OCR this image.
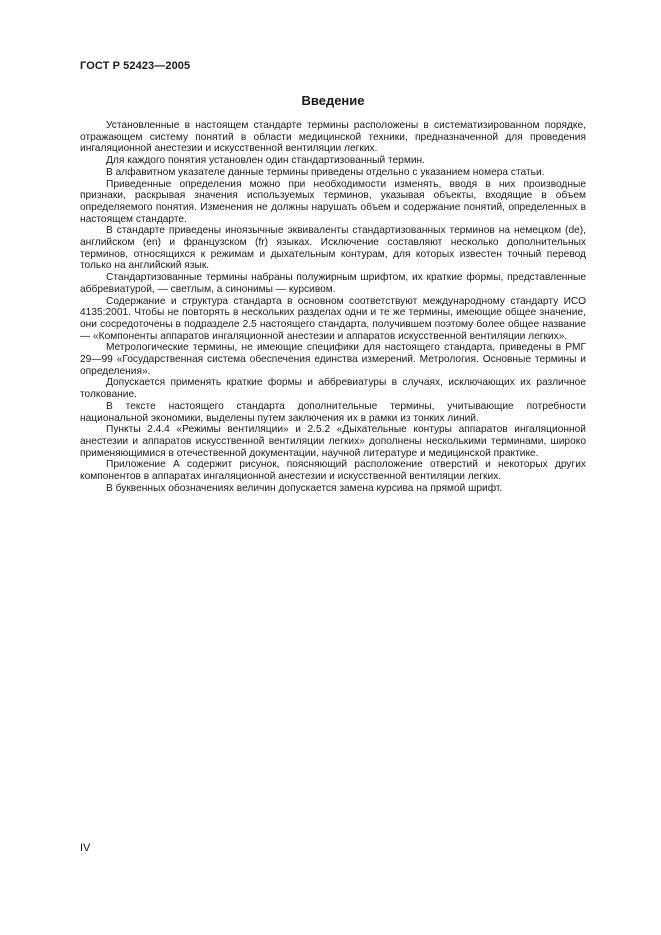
ГОСТ Р 52423—2005
Введение

Установленные в настоящем стандарте термины расположены в систематизированном порядке, отражающем систему понятий в области медицинской техники, предназначенной для проведения ингаляционной анестезии и искусственной вентиляции легких.

Для каждого понятия установлен один стандартизованный термин.

В алфавитном указателе данные термины приведены отдельно с указанием номера статьи.

Приведенные определения можно при необходимости изменять, вводя в них производные признаки, раскрывая значения используемых терминов, указывая объекты, входящие в объем определяемого понятия. Изменения не должны нарушать объем и содержание понятий, определенных в настоящем стандарте.

В стандарте приведены иноязычные эквиваленты стандартизованных терминов на немецком (de), английском (en) и французском (fr) языках. Исключение составляют несколько дополнительных терминов, относящихся к режимам и дыхательным контурам, для которых известен точный перевод только на английский язык.

Стандартизованные термины набраны полужирным шрифтом, их краткие формы, представленные аббревиатурой, — светлым, а синонимы — курсивом.

Содержание и структура стандарта в основном соответствуют международному стандарту ИСО 4135:2001. Чтобы не повторять в нескольких разделах одни и те же термины, имеющие общее значение, они сосредоточены в подразделе 2.5 настоящего стандарта, получившем поэтому более общее название — «Компоненты аппаратов ингаляционной анестезии и аппаратов искусственной вентиляции легких».

Метрологические термины, не имеющие специфики для настоящего стандарта, приведены в РМГ 29—99 «Государственная система обеспечения единства измерений. Метрология. Основные термины и определения».

Допускается применять краткие формы и аббревиатуры в случаях, исключающих их различное толкование.

В тексте настоящего стандарта дополнительные термины, учитывающие потребности национальной экономики, выделены путем заключения их в рамки из тонких линий.

Пункты 2.4.4 «Режимы вентиляции» и 2.5.2 «Дыхательные контуры аппаратов ингаляционной анестезии и аппаратов искусственной вентиляции легких» дополнены несколькими терминами, широко применяющимися в отечественной документации, научной литературе и медицинской практике.

Приложение А содержит рисунок, поясняющий расположение отверстий и некоторых других компонентов в аппаратах ингаляционной анестезии и искусственной вентиляции легких.

В буквенных обозначениях величин допускается замена курсива на прямой шрифт.

IV
